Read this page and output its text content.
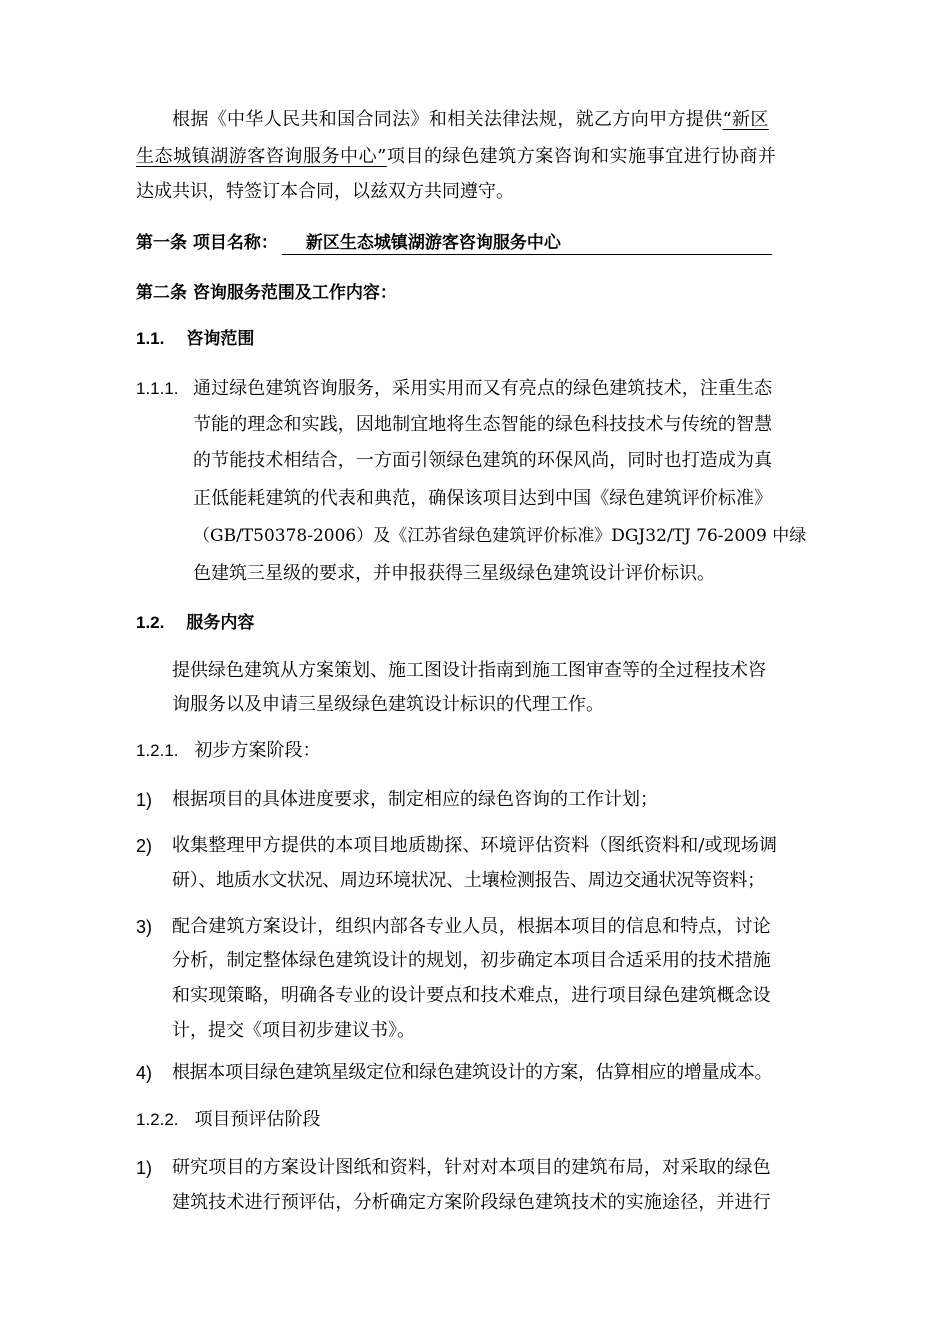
根据《中华人民共和国合同法》和相关法律法规，就乙方向甲方提供“新区
生态城镇湖游客咨询服务中心”项目的绿色建筑方案咨询和实施事宜进行协商并
达成共识，特签订本合同，以兹双方共同遵守。
第一条 项目名称： 新区生态城镇湖游客咨询服务中心
第二条 咨询服务范围及工作内容：
1.1. 咨询范围
1.1.1. 通过绿色建筑咨询服务，采用实用而又有亮点的绿色建筑技术，注重生态
节能的理念和实践，因地制宜地将生态智能的绿色科技技术与传统的智慧
的节能技术相结合，一方面引领绿色建筑的环保风尚，同时也打造成为真
正低能耗建筑的代表和典范，确保该项目达到中国《绿色建筑评价标准》
（GB/T50378-2006）及《江苏省绿色建筑评价标准》DGJ32/TJ 76-2009 中绿
色建筑三星级的要求，并申报获得三星级绿色建筑设计评价标识。
1.2. 服务内容
提供绿色建筑从方案策划、施工图设计指南到施工图审查等的全过程技术咨
询服务以及申请三星级绿色建筑设计标识的代理工作。
1.2.1. 初步方案阶段：
1) 根据项目的具体进度要求，制定相应的绿色咨询的工作计划；
2) 收集整理甲方提供的本项目地质勘探、环境评估资料（图纸资料和/或现场调
研）、地质水文状况、周边环境状况、土壤检测报告、周边交通状况等资料；
3) 配合建筑方案设计，组织内部各专业人员，根据本项目的信息和特点，讨论
分析，制定整体绿色建筑设计的规划，初步确定本项目合适采用的技术措施
和实现策略，明确各专业的设计要点和技术难点，进行项目绿色建筑概念设
计，提交《项目初步建议书》。
4) 根据本项目绿色建筑星级定位和绿色建筑设计的方案，估算相应的增量成本。
1.2.2. 项目预评估阶段
1) 研究项目的方案设计图纸和资料，针对对本项目的建筑布局，对采取的绿色
建筑技术进行预评估，分析确定方案阶段绿色建筑技术的实施途径，并进行
